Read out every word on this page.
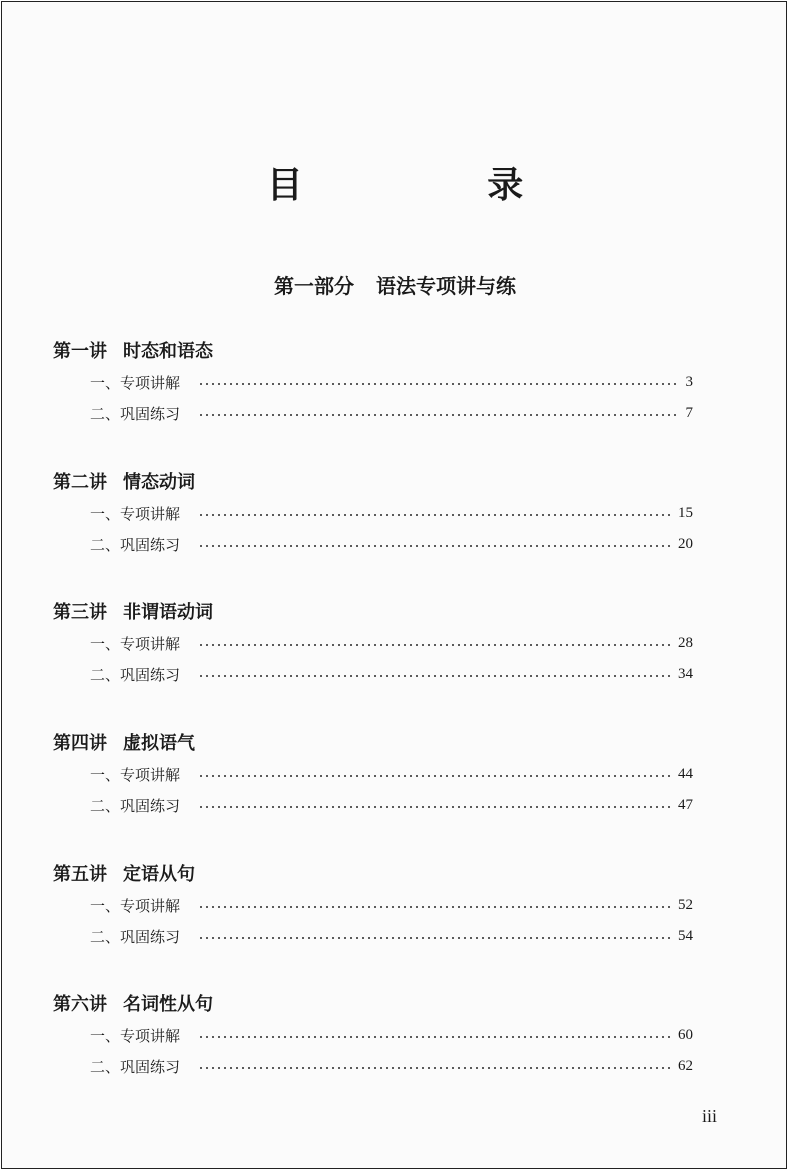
目 录
第一部分 语法专项讲与练
第一讲 时态和语态
一、专项讲解	3
二、巩固练习	7
第二讲 情态动词
一、专项讲解	15
二、巩固练习	20
第三讲 非谓语动词
一、专项讲解	28
二、巩固练习	34
第四讲 虚拟语气
一、专项讲解	44
二、巩固练习	47
第五讲 定语从句
一、专项讲解	52
二、巩固练习	54
第六讲 名词性从句
一、专项讲解	60
二、巩固练习	62
iii
